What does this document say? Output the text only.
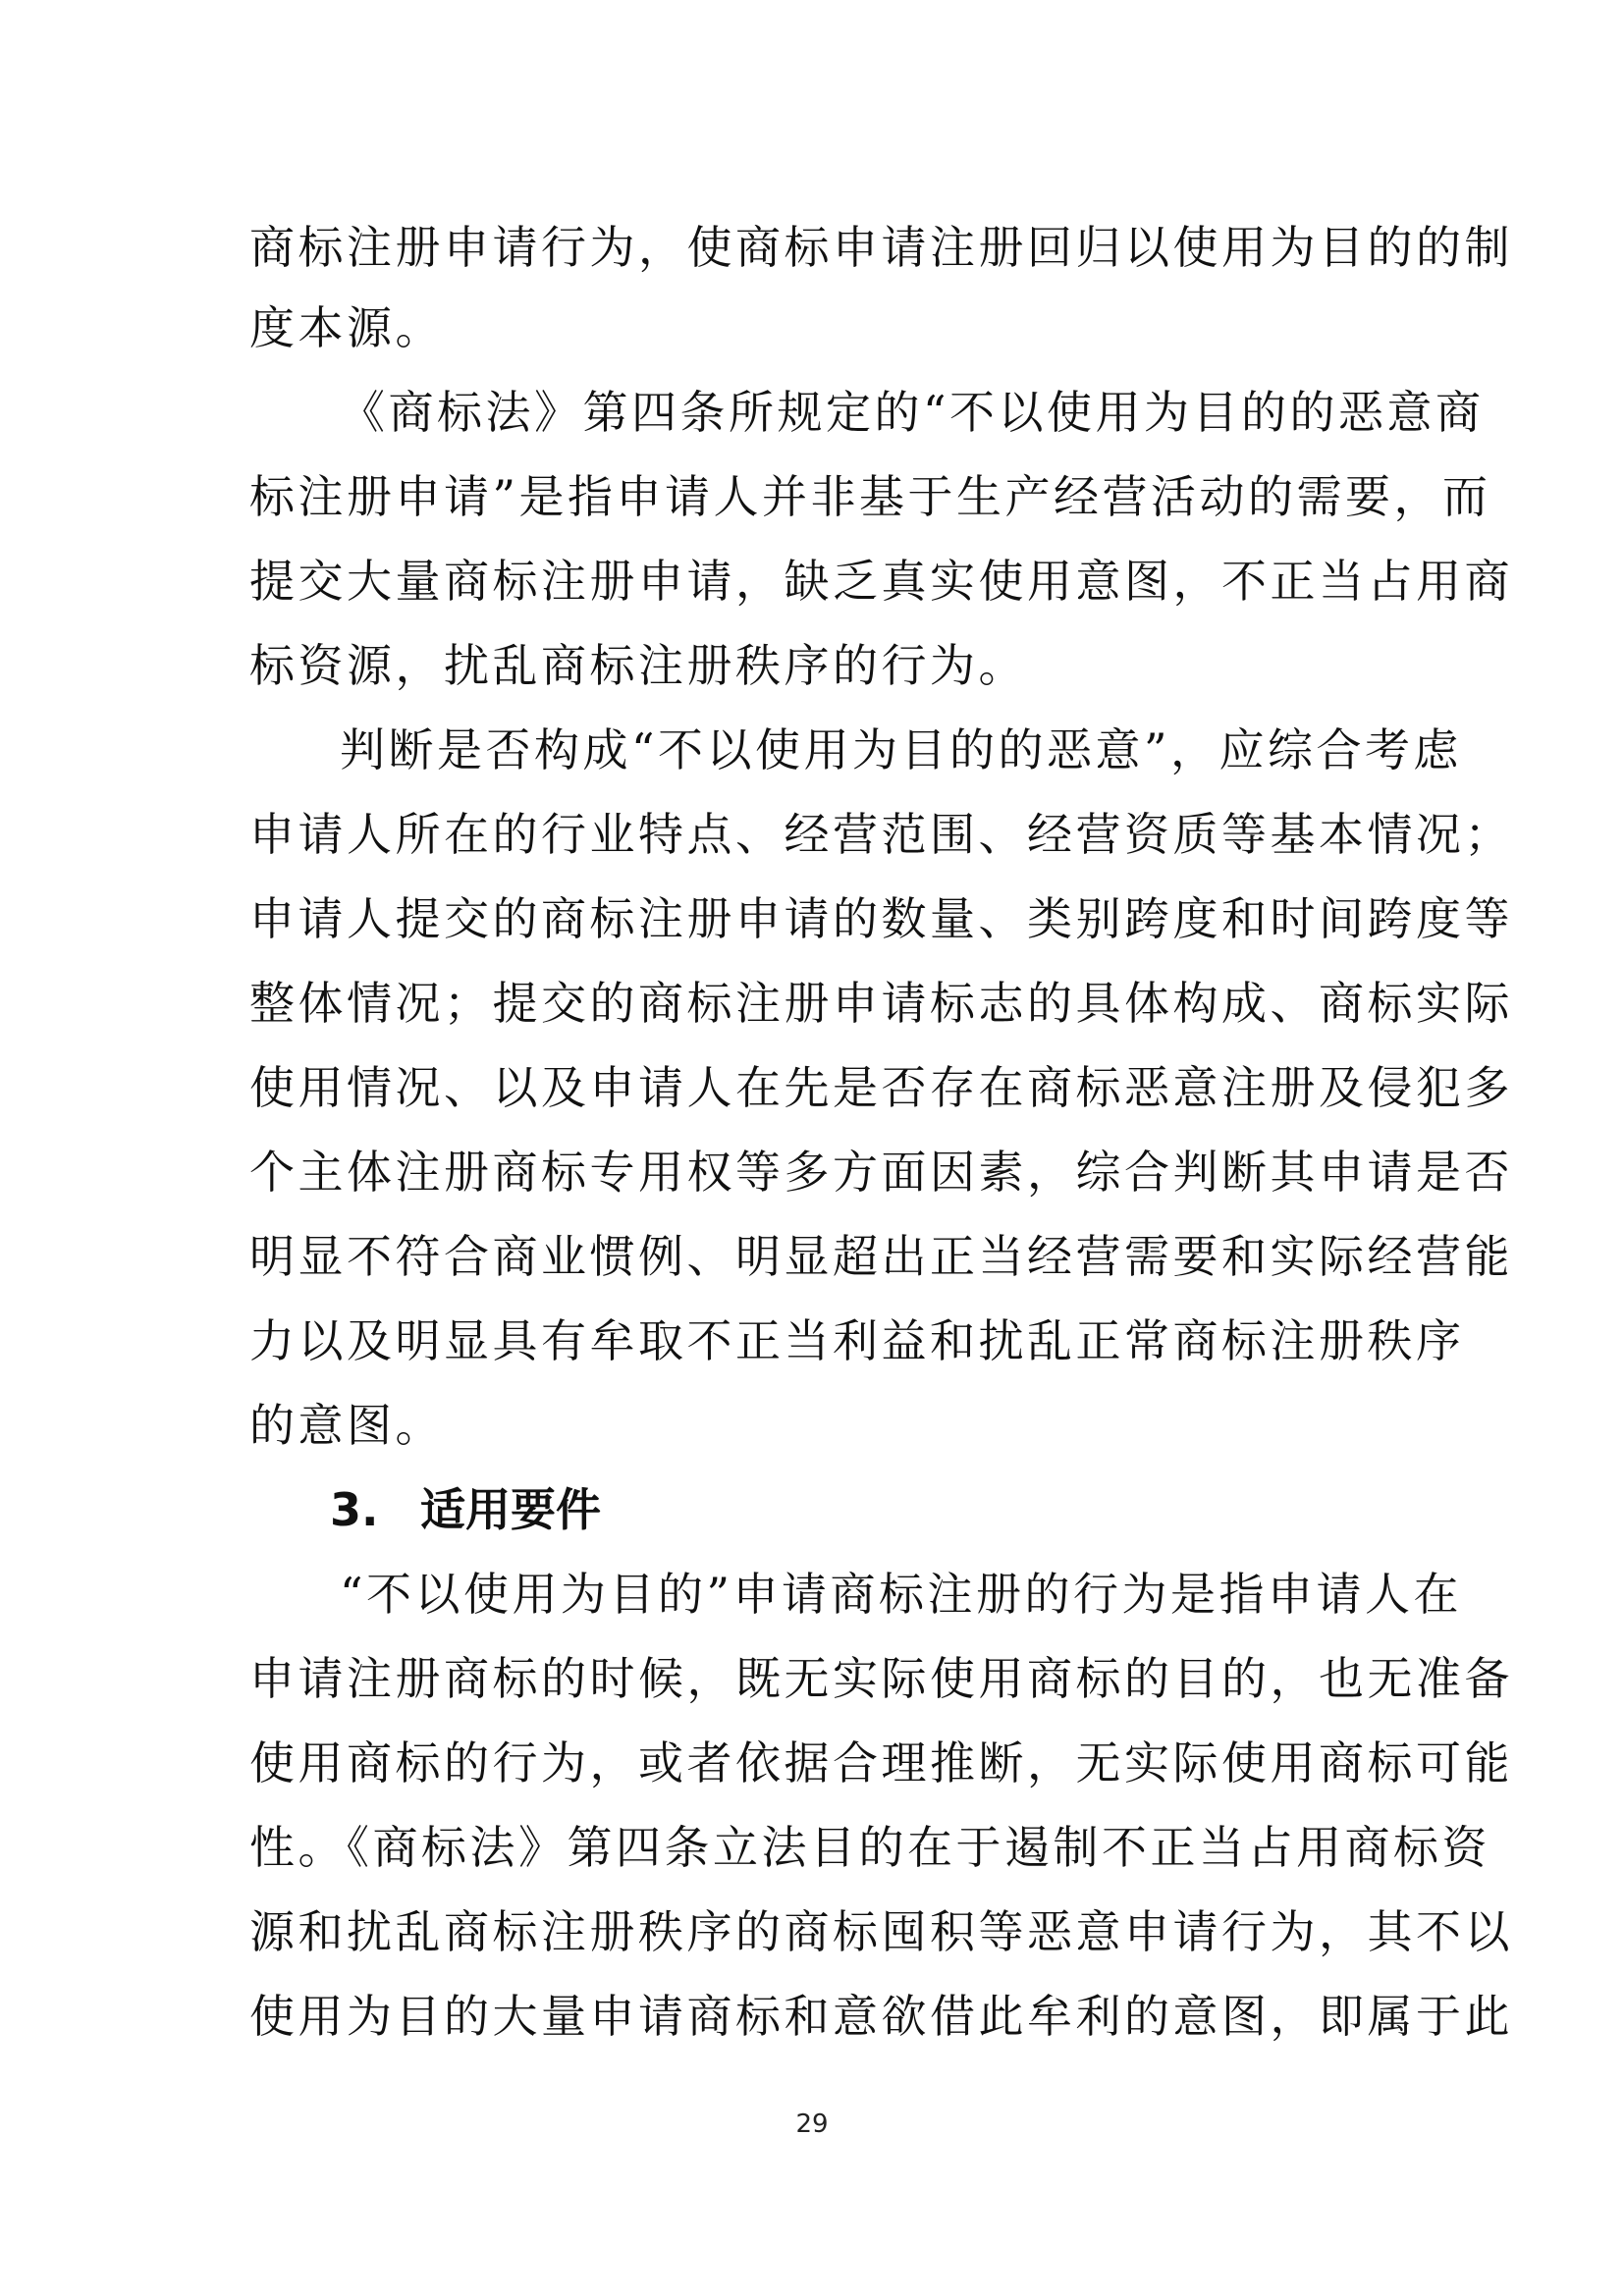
商标注册申请行为，使商标申请注册回归以使用为目的的制
度本源。
《商标法》第四条所规定的“不以使用为目的的恶意商
标注册申请”是指申请人并非基于生产经营活动的需要，而
提交大量商标注册申请，缺乏真实使用意图，不正当占用商
标资源，扰乱商标注册秩序的行为。
判断是否构成“不以使用为目的的恶意”，应综合考虑
申请人所在的行业特点、经营范围、经营资质等基本情况；
申请人提交的商标注册申请的数量、类别跨度和时间跨度等
整体情况；提交的商标注册申请标志的具体构成、商标实际
使用情况、以及申请人在先是否存在商标恶意注册及侵犯多
个主体注册商标专用权等多方面因素，综合判断其申请是否
明显不符合商业惯例、明显超出正当经营需要和实际经营能
力以及明显具有牟取不正当利益和扰乱正常商标注册秩序
的意图。
3. 适用要件
“不以使用为目的”申请商标注册的行为是指申请人在
申请注册商标的时候，既无实际使用商标的目的，也无准备
使用商标的行为，或者依据合理推断，无实际使用商标可能
性。《商标法》第四条立法目的在于遏制不正当占用商标资
源和扰乱商标注册秩序的商标囤积等恶意申请行为，其不以
使用为目的大量申请商标和意欲借此牟利的意图，即属于此
29
